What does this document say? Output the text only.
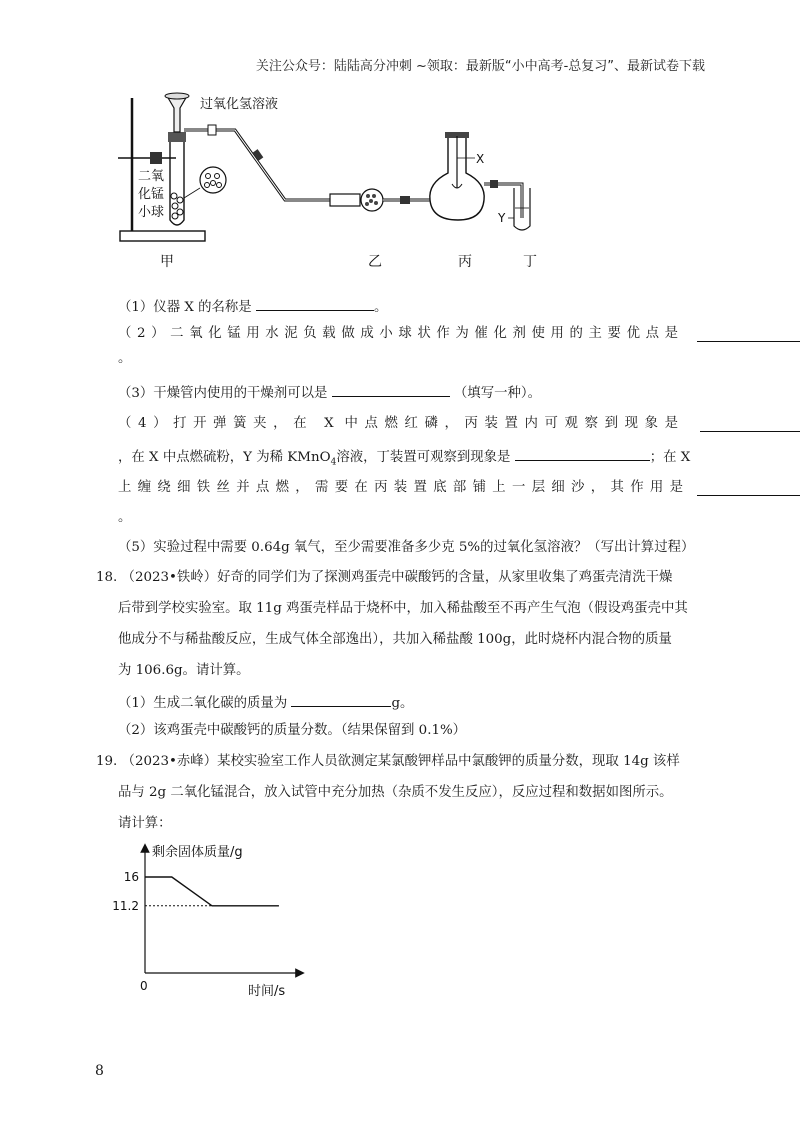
关注公众号：陆陆高分冲刺 ~领取：最新版“小中高考-总复习”、最新试卷下载
过氧化氢溶液
二氧
化锰
小球
X
Y
甲	乙	丙	丁
（1）仪器 X 的名称是	。
（2）二氧化锰用水泥负载做成小球状作为催化剂使用的主要优点是
。
（3）干燥管内使用的干燥剂可以是	（填写一种）。
（4）打开弹簧夹，在 X 中点燃红磷，丙装置内可观察到现象是
，在 X 中点燃硫粉，Y 为稀 KMnO$_4$溶液，丁装置可观察到现象是	；在 X
上缠绕细铁丝并点燃，需要在丙装置底部铺上一层细沙，其作用是
。
（5）实验过程中需要 0.64g 氧气，至少需要准备多少克 5%的过氧化氢溶液？（写出计算过程）
18. （2023•铁岭）好奇的同学们为了探测鸡蛋壳中碳酸钙的含量，从家里收集了鸡蛋壳清洗干燥
后带到学校实验室。取 11g 鸡蛋壳样品于烧杯中，加入稀盐酸至不再产生气泡（假设鸡蛋壳中其
他成分不与稀盐酸反应，生成气体全部逸出），共加入稀盐酸 100g，此时烧杯内混合物的质量
为 106.6g。请计算。
（1）生成二氧化碳的质量为	g。
（2）该鸡蛋壳中碳酸钙的质量分数。（结果保留到 0.1%）
19. （2023•赤峰）某校实验室工作人员欲测定某氯酸钾样品中氯酸钾的质量分数，现取 14g 该样
品与 2g 二氧化锰混合，放入试管中充分加热（杂质不发生反应），反应过程和数据如图所示。
请计算：
剩余固体质量/g
时间/s
0
16
11.2
8
